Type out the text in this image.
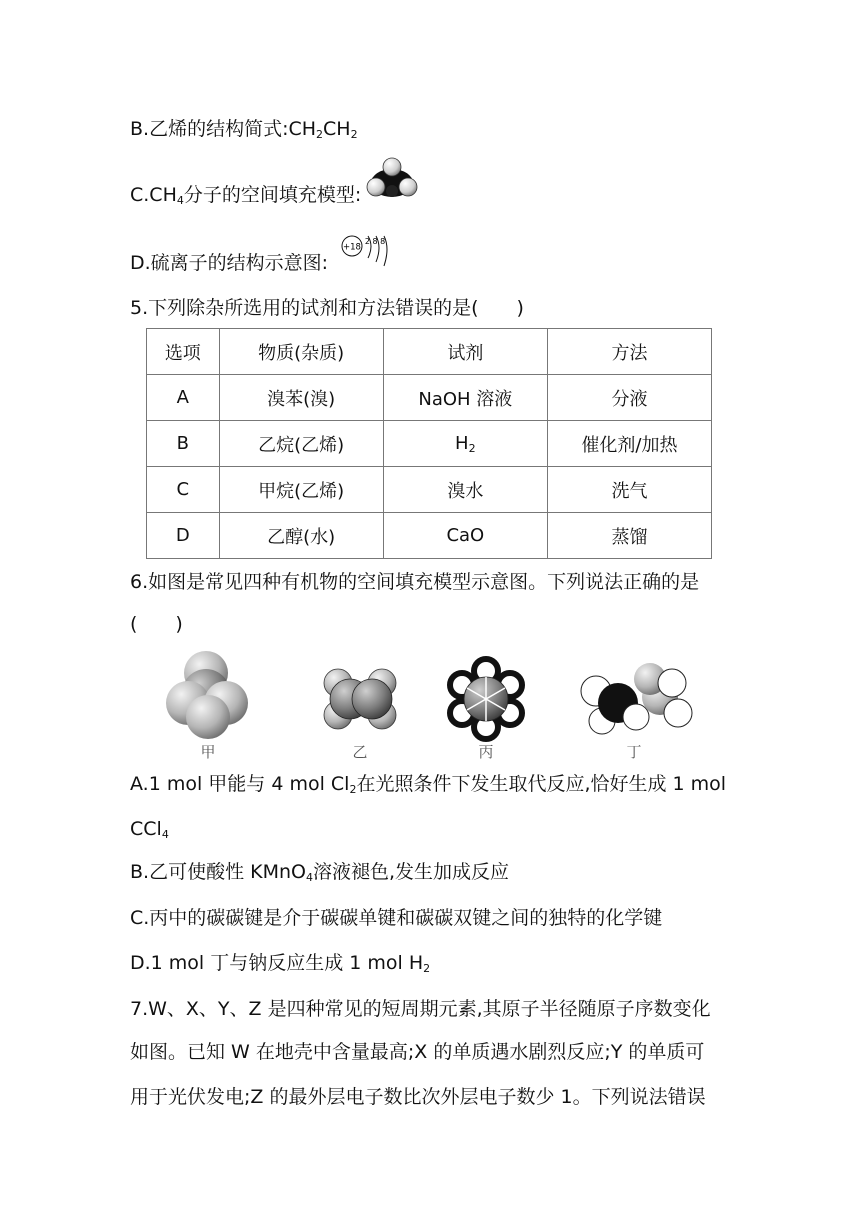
B.乙烯的结构简式$:CH_2CH_2$
$C.CH_4$分子的空间填充模型:
D.硫离子的结构示意图:
+18
2 8 8
5.下列除杂所选用的试剂和方法错误的是(　　)
选项	物质(杂质)	试剂	方法
A	溴苯(溴)	NaOH 溶液	分液
B	乙烷(乙烯)	$H_2$	催化剂/加热
C	甲烷(乙烯)	溴水	洗气
D	乙醇(水)	CaO	蒸馏
6.如图是常见四种有机物的空间填充模型示意图。下列说法正确的是
(　　)
甲	乙	丙	丁
A.1 mol 甲能与 4 mol $Cl_2$在光照条件下发生取代反应,恰好生成 1 mol
CCl$_4$
B.乙可使酸性 KMnO$_4$溶液褪色,发生加成反应
C.丙中的碳碳键是介于碳碳单键和碳碳双键之间的独特的化学键
D.1 mol 丁与钠反应生成 1 mol $H_2$
7.W、X、Y、Z 是四种常见的短周期元素,其原子半径随原子序数变化
如图。已知 W 在地壳中含量最高;X 的单质遇水剧烈反应;Y 的单质可
用于光伏发电;Z 的最外层电子数比次外层电子数少 1。下列说法错误
